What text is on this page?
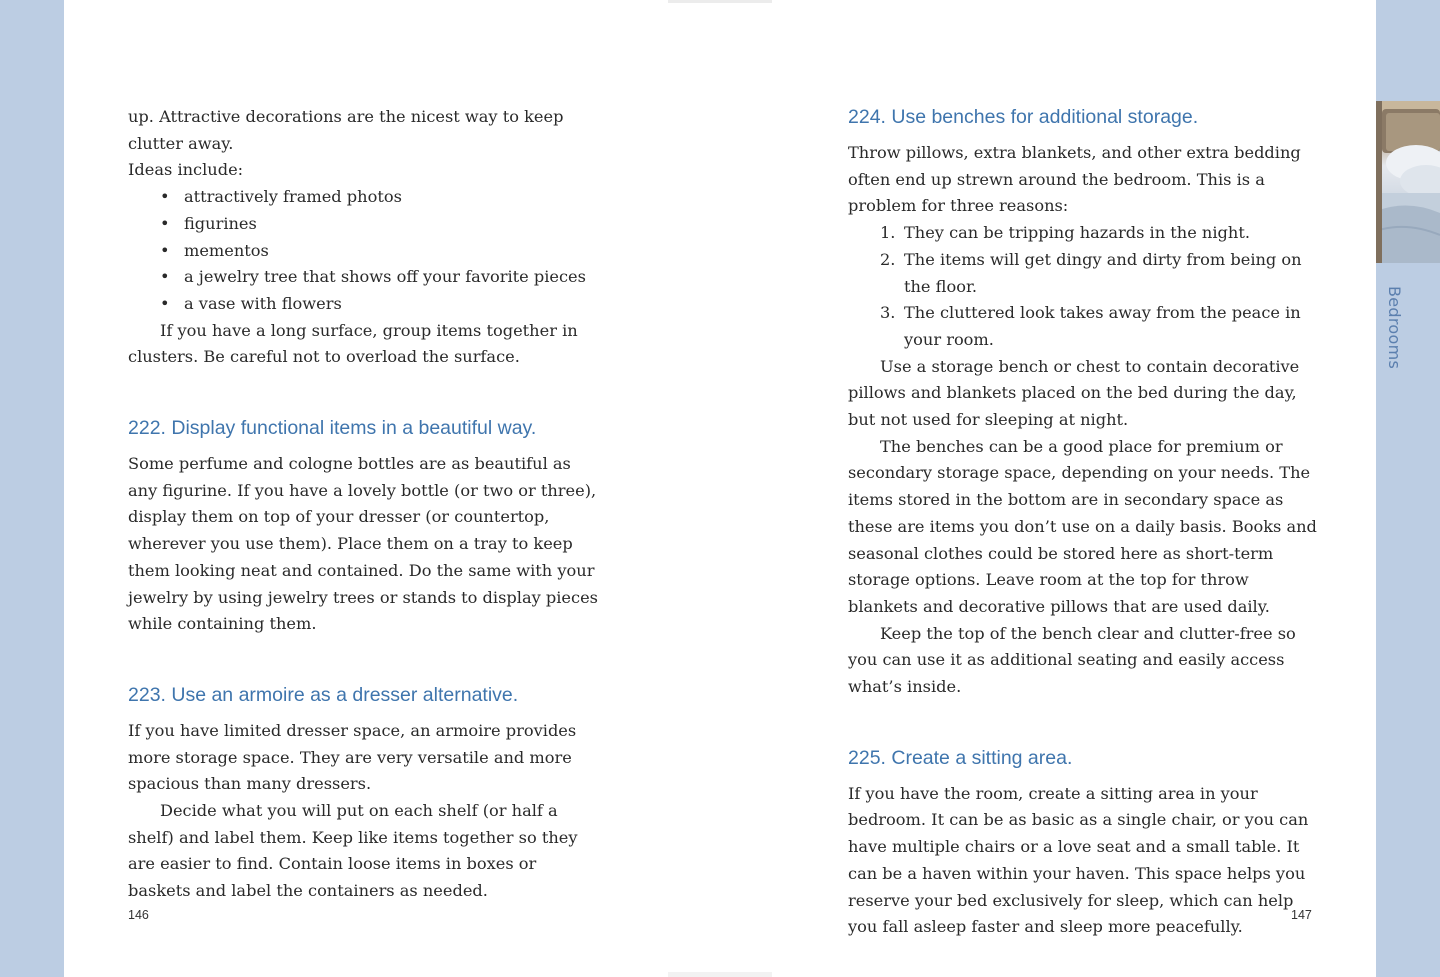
Bedrooms

up. Attractive decorations are the nicest way to keep clutter away.

Ideas include:

• attractively framed photos
• figurines
• mementos
• a jewelry tree that shows off your favorite pieces
• a vase with flowers

If you have a long surface, group items together in clusters. Be careful not to overload the surface.

222. Display functional items in a beautiful way.

Some perfume and cologne bottles are as beautiful as any figurine. If you have a lovely bottle (or two or three), display them on top of your dresser (or countertop, wherever you use them). Place them on a tray to keep them looking neat and contained. Do the same with your jewelry by using jewelry trees or stands to display pieces while containing them.

223. Use an armoire as a dresser alternative.

If you have limited dresser space, an armoire provides more storage space. They are very versatile and more spacious than many dressers.

Decide what you will put on each shelf (or half a shelf) and label them. Keep like items together so they are easier to find. Contain loose items in boxes or baskets and label the containers as needed.

146
224. Use benches for additional storage.

Throw pillows, extra blankets, and other extra bedding often end up strewn around the bedroom. This is a problem for three reasons:

1. They can be tripping hazards in the night.
2. The items will get dingy and dirty from being on the floor.
3. The cluttered look takes away from the peace in your room.

Use a storage bench or chest to contain decorative pillows and blankets placed on the bed during the day, but not used for sleeping at night.

The benches can be a good place for premium or secondary storage space, depending on your needs. The items stored in the bottom are in secondary space as these are items you don’t use on a daily basis. Books and seasonal clothes could be stored here as short-term storage options. Leave room at the top for throw blankets and decorative pillows that are used daily.

Keep the top of the bench clear and clutter-free so you can use it as additional seating and easily access what’s inside.

225. Create a sitting area.

If you have the room, create a sitting area in your bedroom. It can be as basic as a single chair, or you can have multiple chairs or a love seat and a small table. It can be a haven within your haven. This space helps you reserve your bed exclusively for sleep, which can help you fall asleep faster and sleep more peacefully.

147
